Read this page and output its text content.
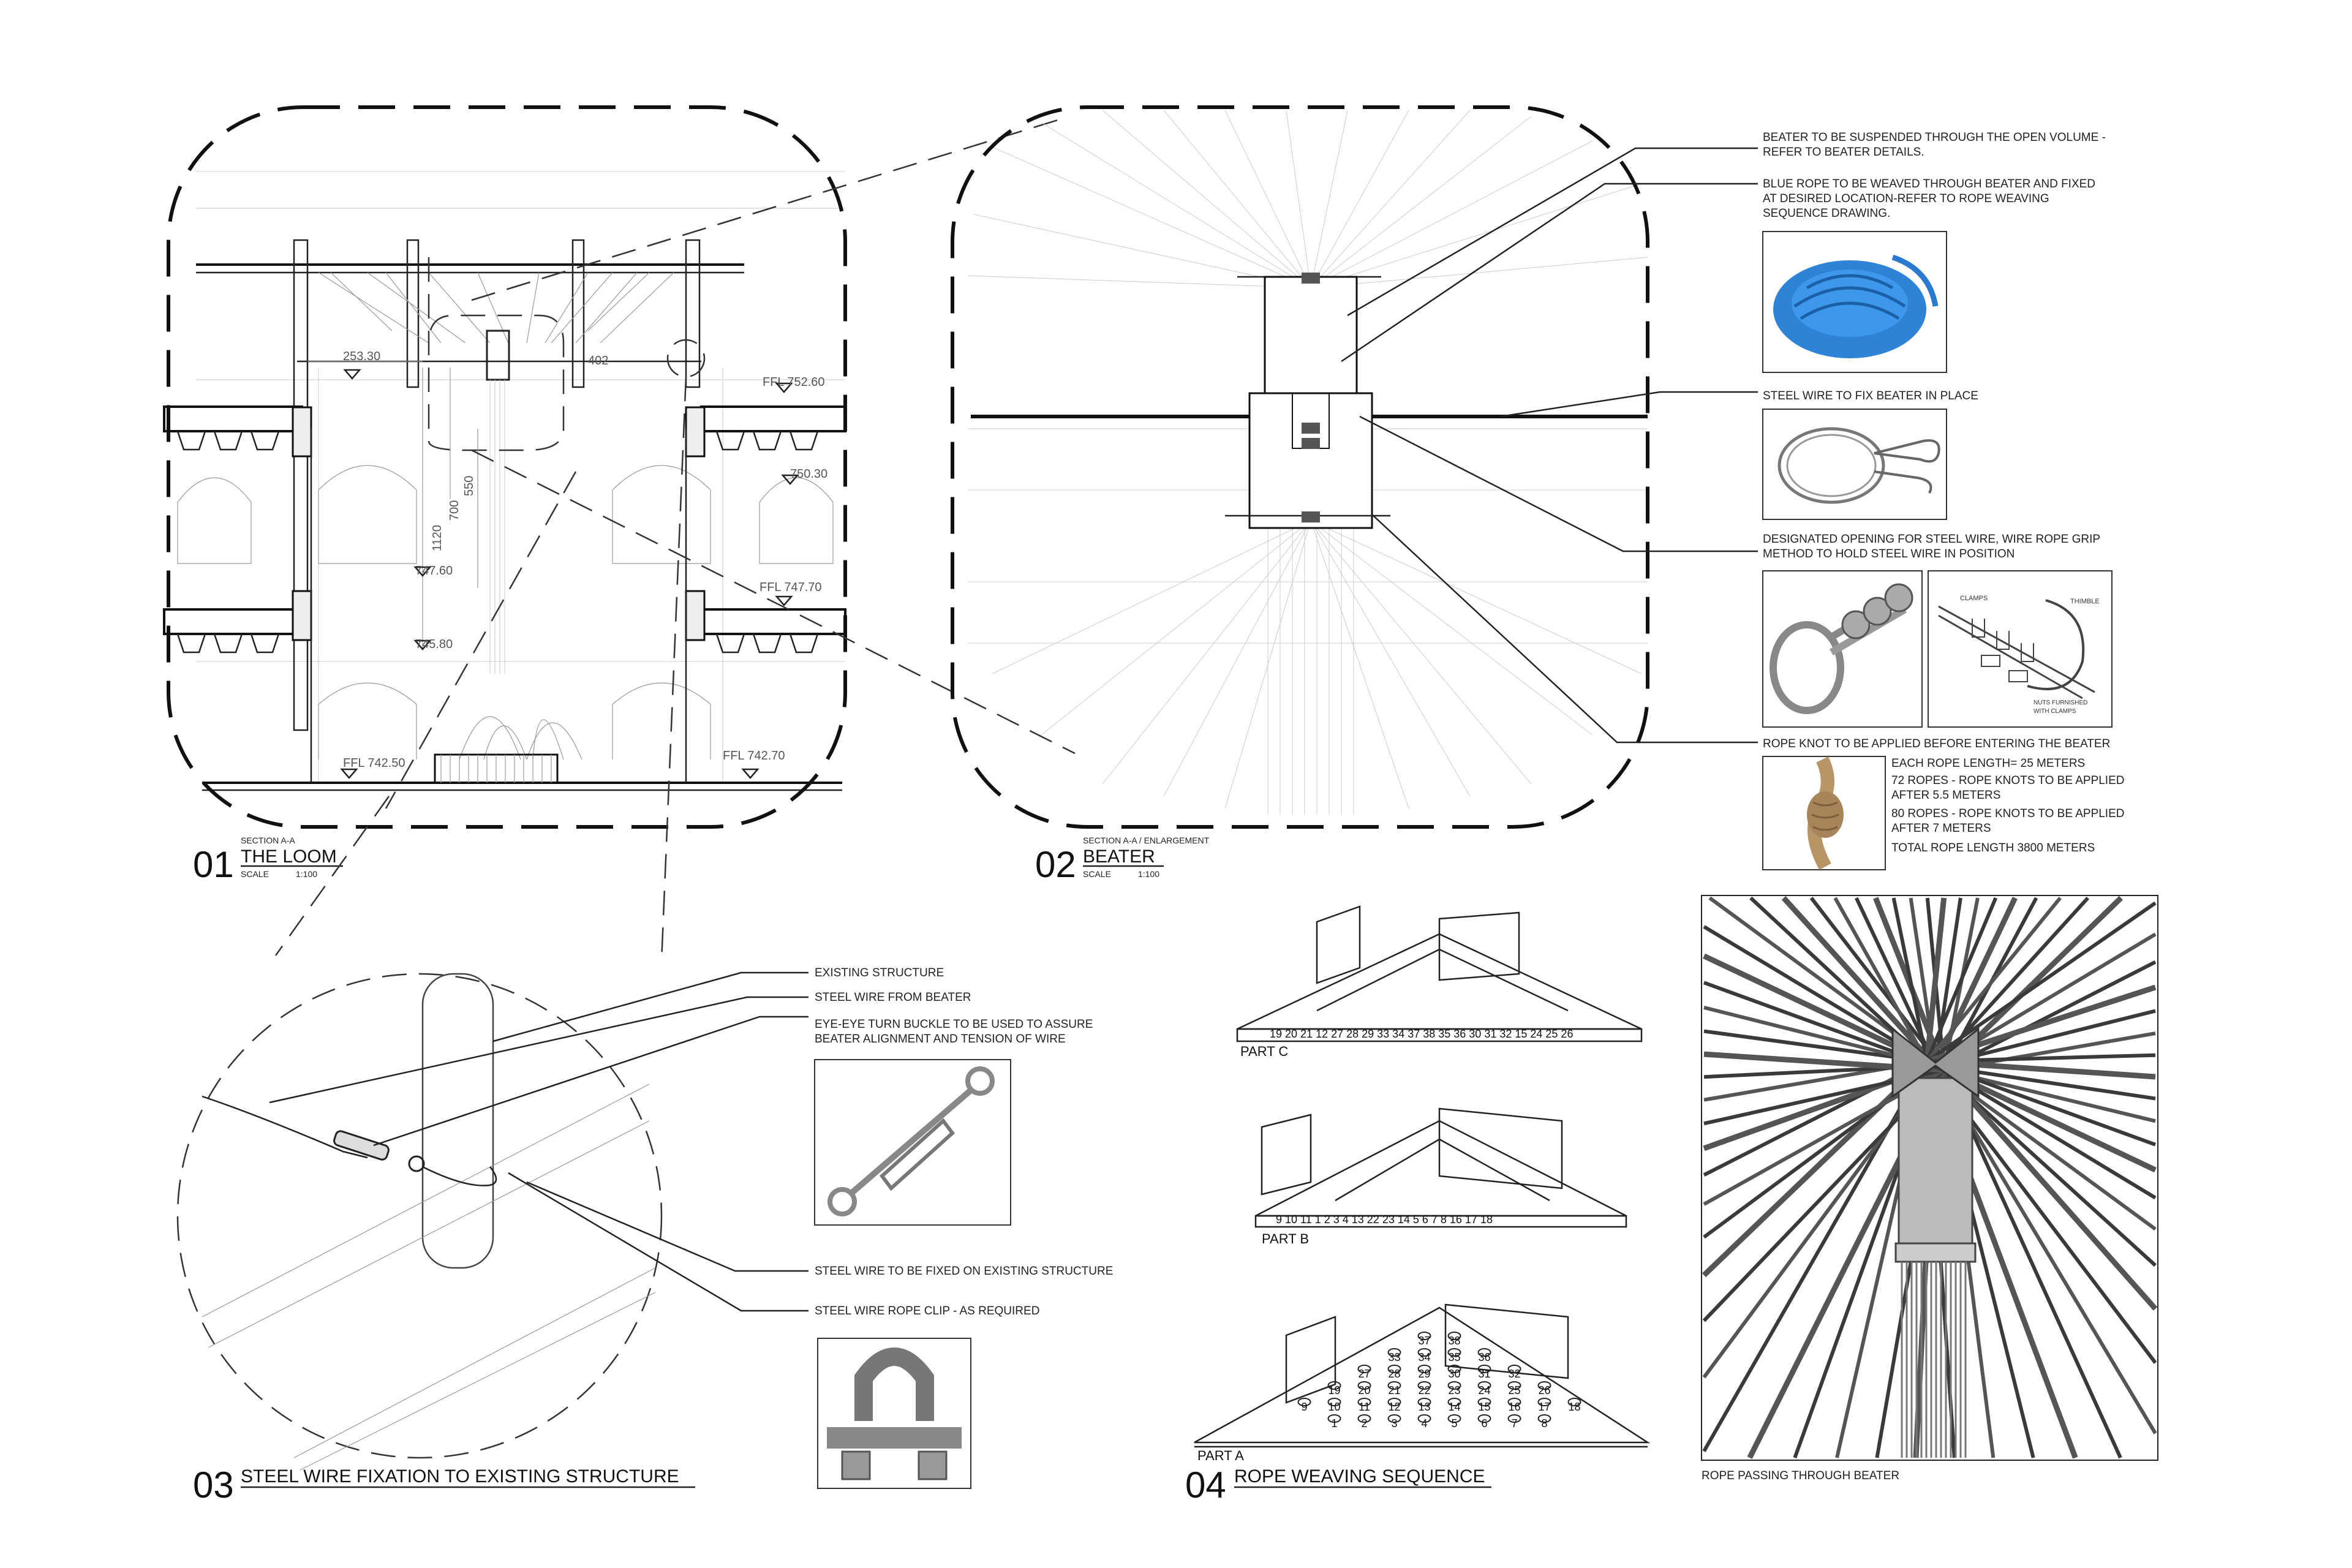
253.30	402
550
700
1120
747.60
745.80
FFL 752.60
750.30
FFL 747.70
FFL 742.50
FFL 742.70
01
SECTION A-A
THE LOOM
SCALE	1:100	02
SECTION A-A / ENLARGEMENT
BEATER
SCALE	1:100
BEATER TO BE SUSPENDED THROUGH THE OPEN VOLUME -
REFER TO BEATER DETAILS.
BLUE ROPE TO BE WEAVED THROUGH BEATER AND FIXED
AT DESIRED LOCATION-REFER TO ROPE WEAVING
SEQUENCE DRAWING.
STEEL WIRE TO FIX BEATER IN PLACE
DESIGNATED OPENING FOR STEEL WIRE, WIRE ROPE GRIP
METHOD TO HOLD STEEL WIRE IN POSITION
CLAMPS	THIMBLE
NUTS FURNISHED
WITH CLAMPS
ROPE KNOT TO BE APPLIED BEFORE ENTERING THE BEATER
EACH ROPE LENGTH= 25 METERS
72 ROPES - ROPE KNOTS TO BE APPLIED
AFTER 5.5 METERS
80 ROPES - ROPE KNOTS TO BE APPLIED
AFTER 7 METERS
TOTAL ROPE LENGTH 3800 METERS
EXISTING STRUCTURE
STEEL WIRE FROM BEATER
EYE-EYE TURN BUCKLE TO BE USED TO ASSURE
BEATER ALIGNMENT AND TENSION OF WIRE
STEEL WIRE TO BE FIXED ON EXISTING STRUCTURE
STEEL WIRE ROPE CLIP - AS REQUIRED
03 STEEL WIRE FIXATION TO EXISTING STRUCTURE
19 20 21 12 27 28 29 33 34 37 38 35 36 30 31 32 15 24 25 26
PART C
9 10 11 1 2 3 4 13 22 23 14 5 6 7 8 16 17 18
PART B
37 38
33 34 35 36
27 28 29 30 31 32
19 20 21 22 23 24 25 26
9 10 11 12 13 14 15 16 17 18
1 2 3 4 5 6 7 8
PART A
04 ROPE WEAVING SEQUENCE	ROPE PASSING THROUGH BEATER
